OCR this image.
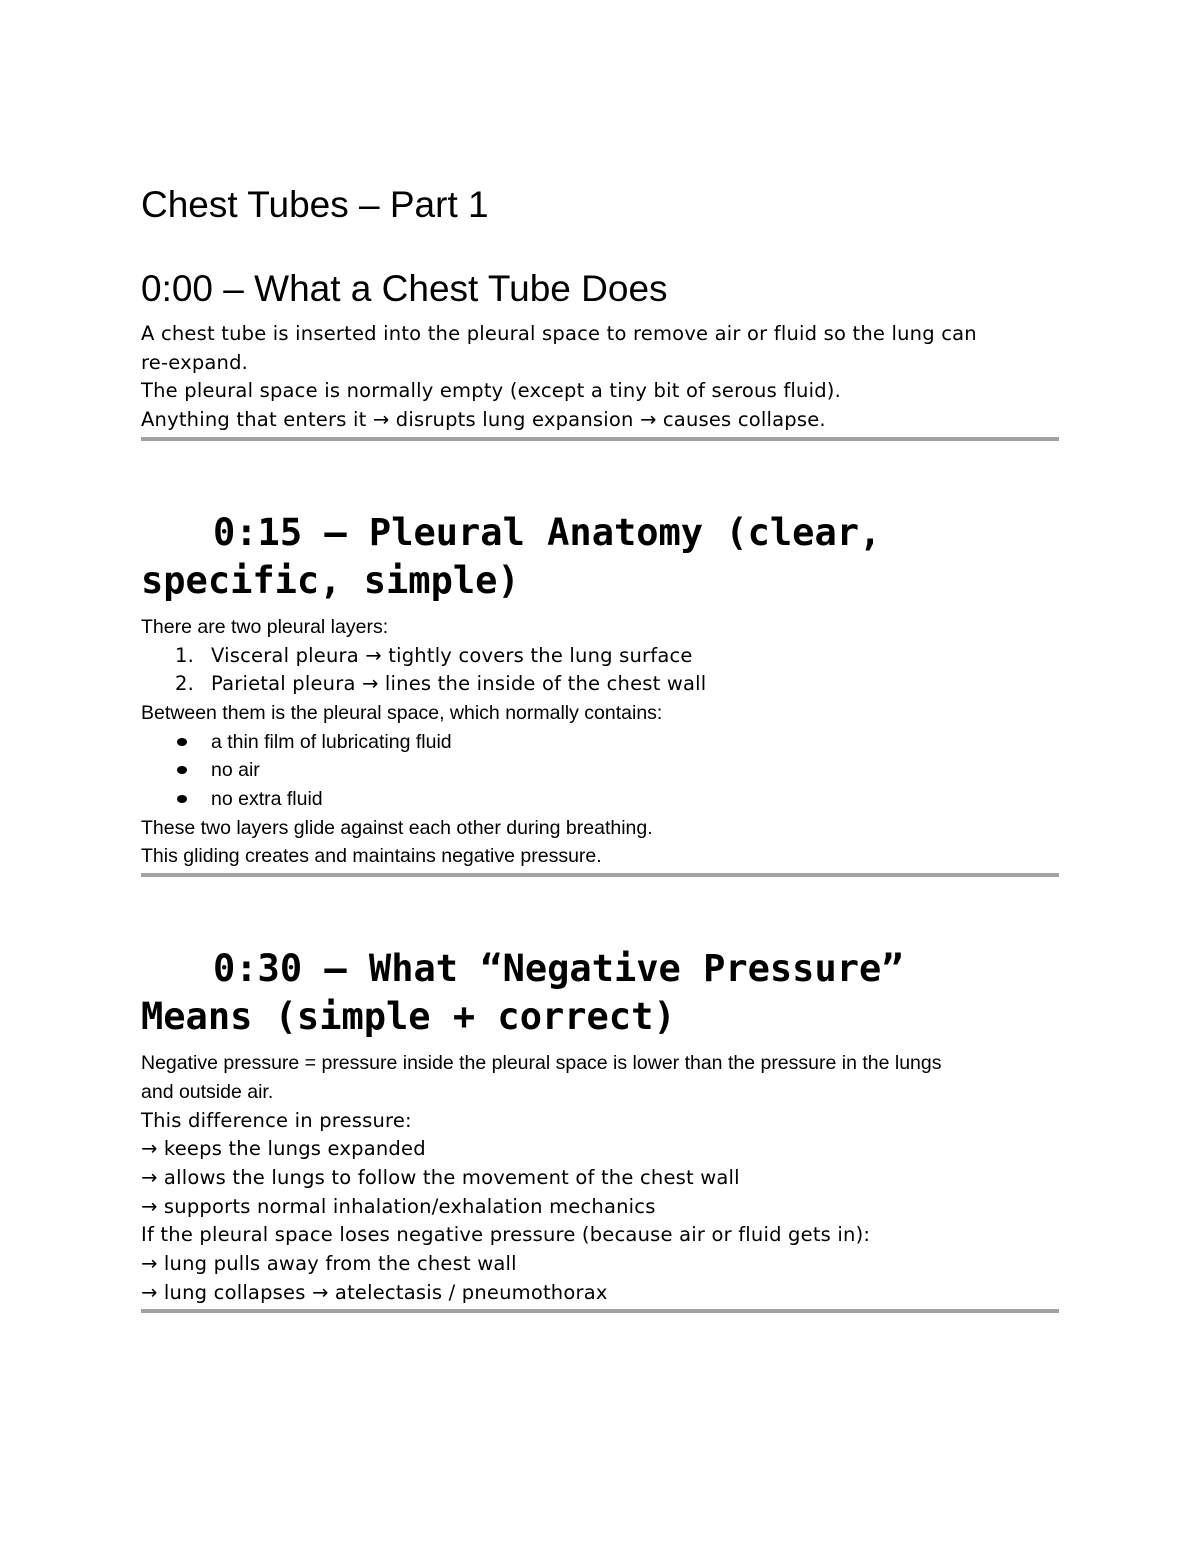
Chest Tubes – Part 1
0:00 – What a Chest Tube Does

A chest tube is inserted into the pleural space to remove air or fluid so the lung can

re-expand.

The pleural space is normally empty (except a tiny bit of serous fluid).

Anything that enters it → disrupts lung expansion → causes collapse.

0:15 – Pleural Anatomy (clear,
specific, simple)

There are two pleural layers:

1. Visceral pleura → tightly covers the lung surface
2. Parietal pleura → lines the inside of the chest wall

Between them is the pleural space, which normally contains:

a thin film of lubricating fluid
no air
no extra fluid

These two layers glide against each other during breathing.

This gliding creates and maintains negative pressure.

0:30 – What “Negative Pressure”
Means (simple + correct)

Negative pressure = pressure inside the pleural space is lower than the pressure in the lungs

and outside air.

This difference in pressure:

→ keeps the lungs expanded

→ allows the lungs to follow the movement of the chest wall

→ supports normal inhalation/exhalation mechanics

If the pleural space loses negative pressure (because air or fluid gets in):

→ lung pulls away from the chest wall

→ lung collapses → atelectasis / pneumothorax
